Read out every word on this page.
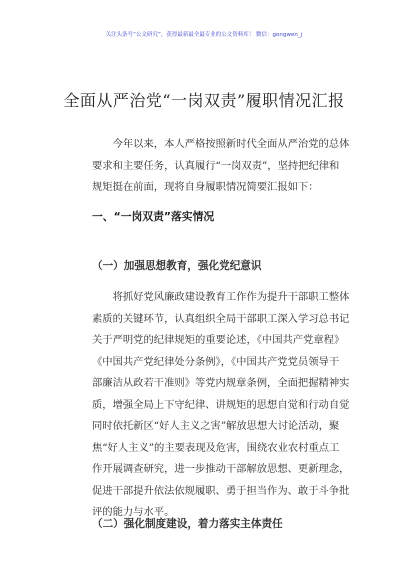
关注头条号“公文研究”，获得最新最全最专业的公文资料库！ 微信：gongwen_j
全面从严治党“一岗双责”履职情况汇报
今年以来，本人严格按照新时代全面从严治党的总体
要求和主要任务，认真履行“一岗双责”，坚持把纪律和
规矩挺在前面，现将自身履职情况简要汇报如下：
一、“一岗双责”落实情况
（一）加强思想教育，强化党纪意识
将抓好党风廉政建设教育工作作为提升干部职工整体
素质的关键环节，认真组织全局干部职工深入学习总书记
关于严明党的纪律规矩的重要论述，《中国共产党章程》
《中国共产党纪律处分条例》，《中国共产党党员领导干
部廉洁从政若干准则》等党内规章条例，全面把握精神实
质，增强全局上下守纪律、讲规矩的思想自觉和行动自觉
同时依托新区“好人主义之害”解放思想大讨论活动，聚
焦“好人主义”的主要表现及危害，围绕农业农村重点工
作开展调查研究，进一步推动干部解放思想、更新理念，
促进干部提升依法依规履职、勇于担当作为、敢于斗争批
评的能力与水平。
（二）强化制度建设，着力落实主体责任
